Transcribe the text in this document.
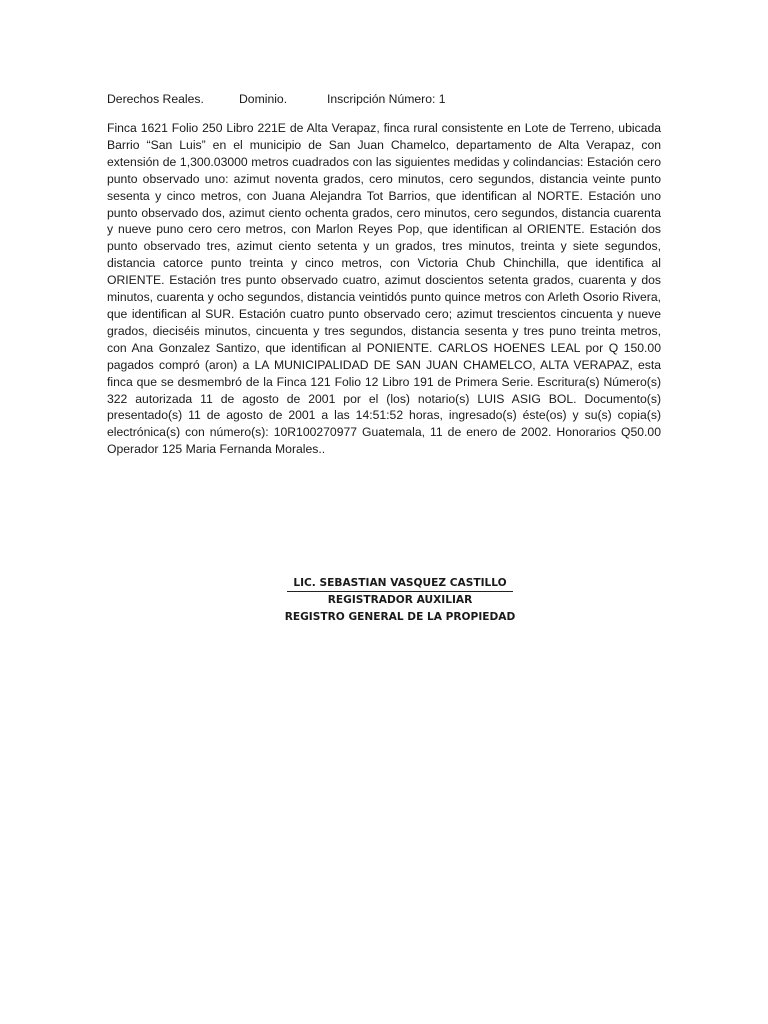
Derechos Reales.	Dominio.	Inscripción Número: 1

Finca 1621 Folio 250 Libro 221E de Alta Verapaz, finca rural consistente en Lote de Terreno, ubicada Barrio “San Luis” en el municipio de San Juan Chamelco, departamento de Alta Verapaz, con extensión de 1,300.03000 metros cuadrados con las siguientes medidas y colindancias: Estación cero punto observado uno: azimut noventa grados, cero minutos, cero segundos, distancia veinte punto sesenta y cinco metros, con Juana Alejandra Tot Barrios, que identifican al NORTE. Estación uno punto observado dos, azimut ciento ochenta grados, cero minutos, cero segundos, distancia cuarenta y nueve puno cero cero metros, con Marlon Reyes Pop, que identifican al ORIENTE. Estación dos punto observado tres, azimut ciento setenta y un grados, tres minutos, treinta y siete segundos, distancia catorce punto treinta y cinco metros, con Victoria Chub Chinchilla, que identifica al ORIENTE. Estación tres punto observado cuatro, azimut doscientos setenta grados, cuarenta y dos minutos, cuarenta y ocho segundos, distancia veintidós punto quince metros con Arleth Osorio Rivera, que identifican al SUR. Estación cuatro punto observado cero; azimut trescientos cincuenta y nueve grados, dieciséis minutos, cincuenta y tres segundos, distancia sesenta y tres puno treinta metros, con Ana Gonzalez Santizo, que identifican al PONIENTE. CARLOS HOENES LEAL por Q 150.00 pagados compró (aron) a LA MUNICIPALIDAD DE SAN JUAN CHAMELCO, ALTA VERAPAZ, esta finca que se desmembró de la Finca 121 Folio 12 Libro 191 de Primera Serie. Escritura(s) Número(s) 322 autorizada 11 de agosto de 2001 por el (los) notario(s) LUIS ASIG BOL. Documento(s) presentado(s) 11 de agosto de 2001 a las 14:51:52 horas, ingresado(s) éste(os) y su(s) copia(s) electrónica(s) con número(s): 10R100270977 Guatemala, 11 de enero de 2002. Honorarios Q50.00 Operador 125 Maria Fernanda Morales..

LIC. SEBASTIAN VASQUEZ CASTILLO
REGISTRADOR AUXILIAR
REGISTRO GENERAL DE LA PROPIEDAD
